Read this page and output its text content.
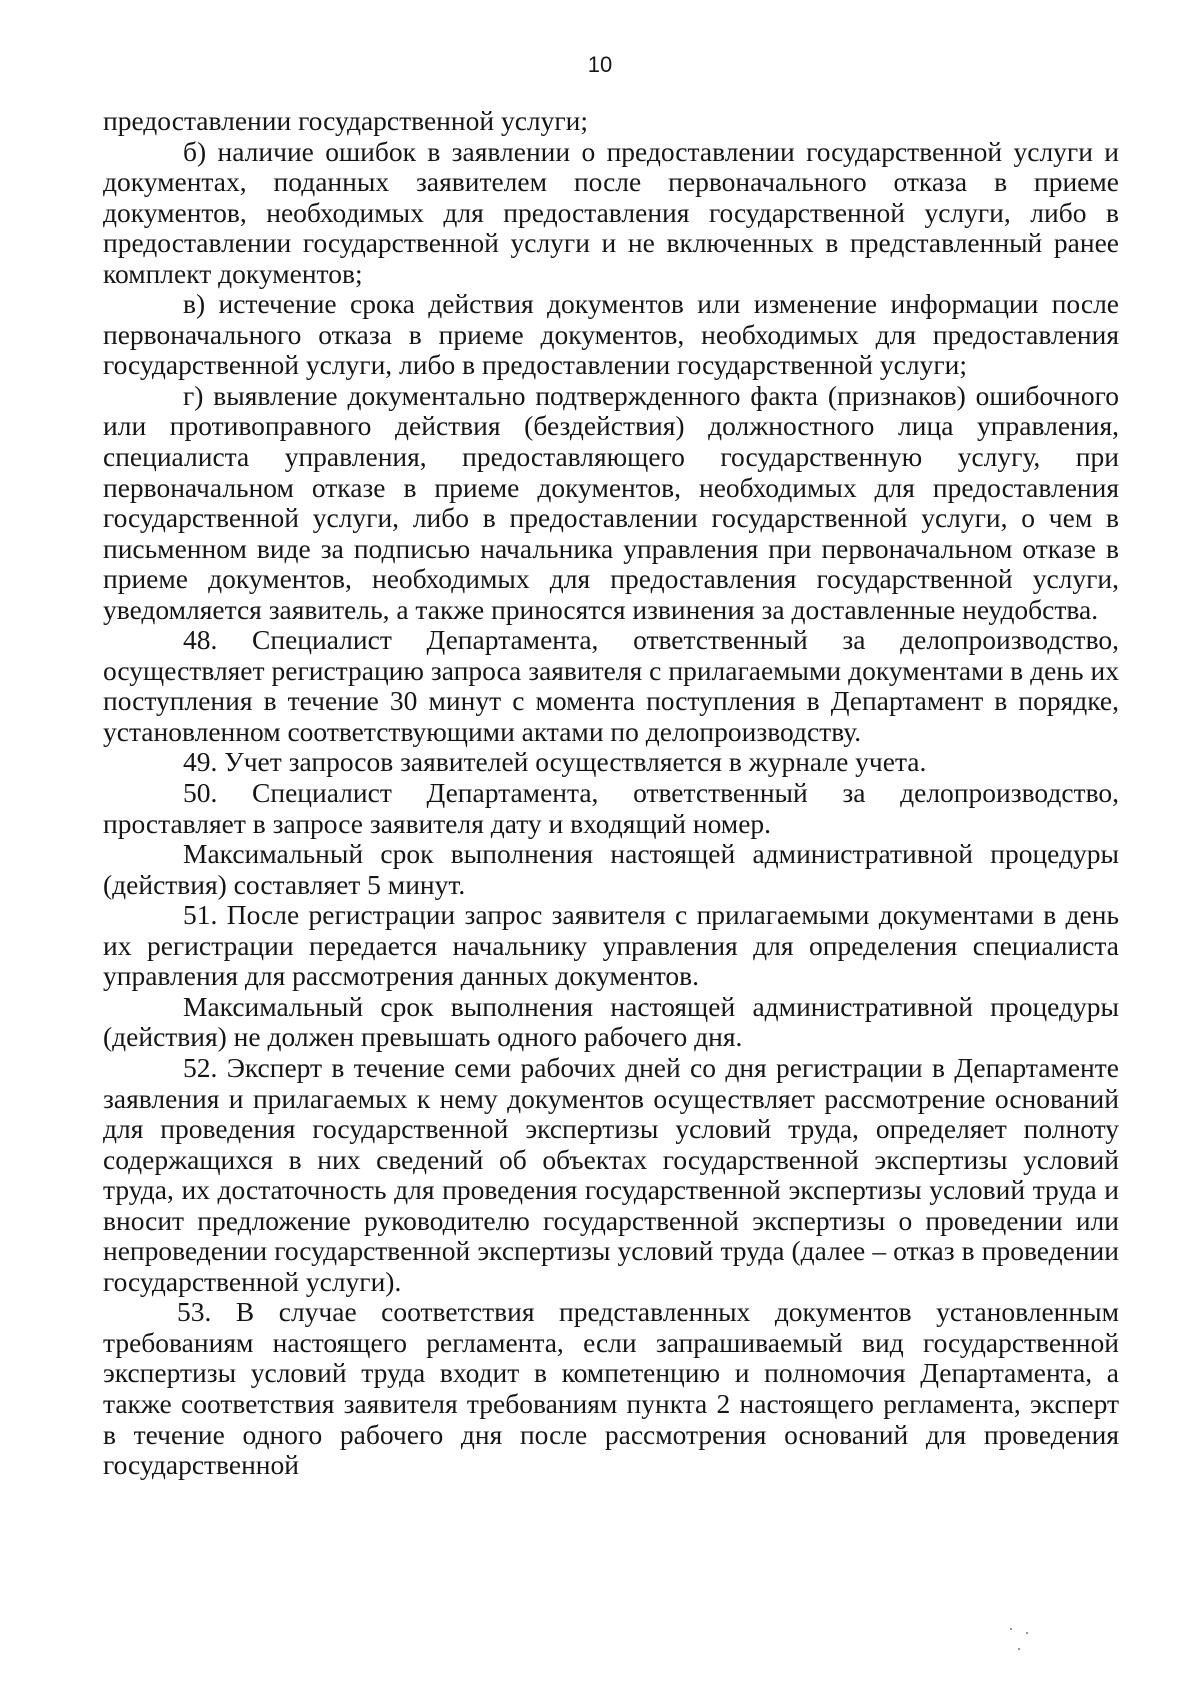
10

предоставлении государственной услуги;

б) наличие ошибок в заявлении о предоставлении государственной услуги и документах, поданных заявителем после первоначального отказа в приеме документов, необходимых для предоставления государственной услуги, либо в предоставлении государственной услуги и не включенных в представленный ранее комплект документов;

в) истечение срока действия документов или изменение информации после первоначального отказа в приеме документов, необходимых для предоставления государственной услуги, либо в предоставлении государственной услуги;

г) выявление документально подтвержденного факта (признаков) ошибочного или противоправного действия (бездействия) должностного лица управления, специалиста управления, предоставляющего государственную услугу, при первоначальном отказе в приеме документов, необходимых для предоставления государственной услуги, либо в предоставлении государственной услуги, о чем в письменном виде за подписью начальника управления при первоначальном отказе в приеме документов, необходимых для предоставления государственной услуги, уведомляется заявитель, а также приносятся извинения за доставленные неудобства.

48. Специалист Департамента, ответственный за делопроизводство, осуществляет регистрацию запроса заявителя с прилагаемыми документами в день их поступления в течение 30 минут с момента поступления в Департамент в порядке, установленном соответствующими актами по делопроизводству.

49. Учет запросов заявителей осуществляется в журнале учета.

50. Специалист Департамента, ответственный за делопроизводство, проставляет в запросе заявителя дату и входящий номер.

Максимальный срок выполнения настоящей административной процедуры (действия) составляет 5 минут.

51. После регистрации запрос заявителя с прилагаемыми документами в день их регистрации передается начальнику управления для определения специалиста управления для рассмотрения данных документов.

Максимальный срок выполнения настоящей административной процедуры (действия) не должен превышать одного рабочего дня.

52. Эксперт в течение семи рабочих дней со дня регистрации в Департаменте заявления и прилагаемых к нему документов осуществляет рассмотрение оснований для проведения государственной экспертизы условий труда, определяет полноту содержащихся в них сведений об объектах государственной экспертизы условий труда, их достаточность для проведения государственной экспертизы условий труда и вносит предложение руководителю государственной экспертизы о проведении или непроведении государственной экспертизы условий труда (далее – отказ в проведении государственной услуги).

53. В случае соответствия представленных документов установленным требованиям настоящего регламента, если запрашиваемый вид государственной экспертизы условий труда входит в компетенцию и полномочия Департамента, а также соответствия заявителя требованиям пункта 2 настоящего регламента, эксперт в течение одного рабочего дня после рассмотрения оснований для проведения государственной
